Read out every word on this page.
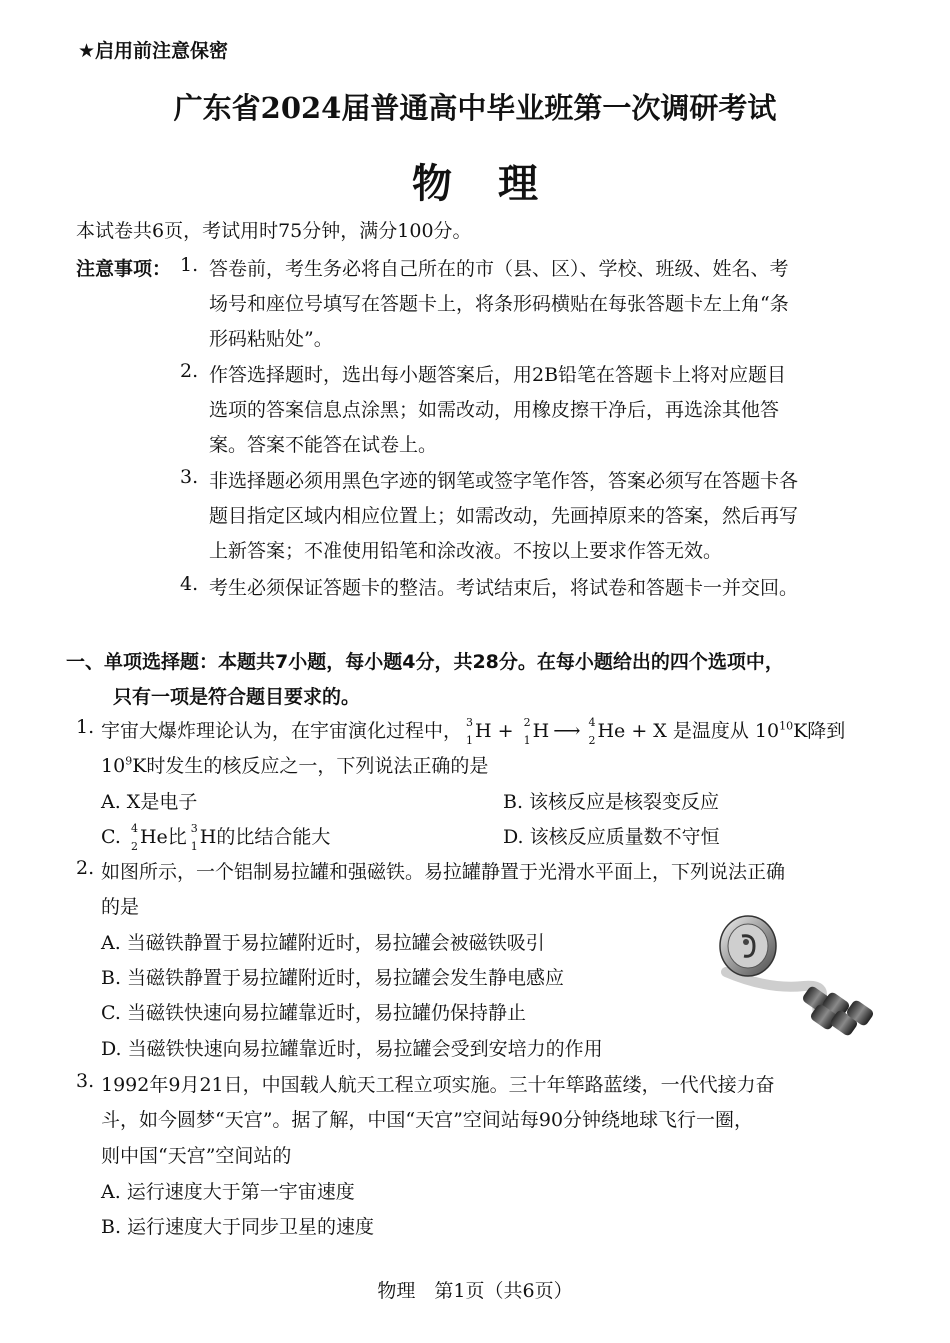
★启用前注意保密
广东省2024届普通高中毕业班第一次调研考试
物理
本试卷共6页，考试用时75分钟，满分100分。
注意事项： 1. 答卷前，考生务必将自己所在的市（县、区）、学校、班级、姓名、考
场号和座位号填写在答题卡上，将条形码横贴在每张答题卡左上角“条
形码粘贴处”。
2. 作答选择题时，选出每小题答案后，用2B铅笔在答题卡上将对应题目
选项的答案信息点涂黑；如需改动，用橡皮擦干净后，再选涂其他答
案。答案不能答在试卷上。
3. 非选择题必须用黑色字迹的钢笔或签字笔作答，答案必须写在答题卡各
题目指定区域内相应位置上；如需改动，先画掉原来的答案，然后再写
上新答案；不准使用铅笔和涂改液。不按以上要求作答无效。
4. 考生必须保证答题卡的整洁。考试结束后，将试卷和答题卡一并交回。
一、单项选择题：本题共7小题，每小题4分，共28分。在每小题给出的四个选项中，
只有一项是符合题目要求的。
1. 宇宙大爆炸理论认为，在宇宙演化过程中， 3
1 H + 2
1 H ⟶ 4
2 He + X 是温度从 $10^{10}K$降到
$10^9K$时发生的核反应之一，下列说法正确的是
A. X是电子	B. 该核反应是核裂变反应
C. 4
2 He比 3
1 H的比结合能大	D. 该核反应质量数不守恒
2. 如图所示，一个铝制易拉罐和强磁铁。易拉罐静置于光滑水平面上，下列说法正确
的是
A. 当磁铁静置于易拉罐附近时，易拉罐会被磁铁吸引
B. 当磁铁静置于易拉罐附近时，易拉罐会发生静电感应
C. 当磁铁快速向易拉罐靠近时，易拉罐仍保持静止
D. 当磁铁快速向易拉罐靠近时，易拉罐会受到安培力的作用
3. 1992年9月21日，中国载人航天工程立项实施。三十年筚路蓝缕，一代代接力奋
斗，如今圆梦“天宫”。据了解，中国“天宫”空间站每90分钟绕地球飞行一圈，
则中国“天宫”空间站的
A. 运行速度大于第一宇宙速度
B. 运行速度大于同步卫星的速度
物理　第1页（共6页）
